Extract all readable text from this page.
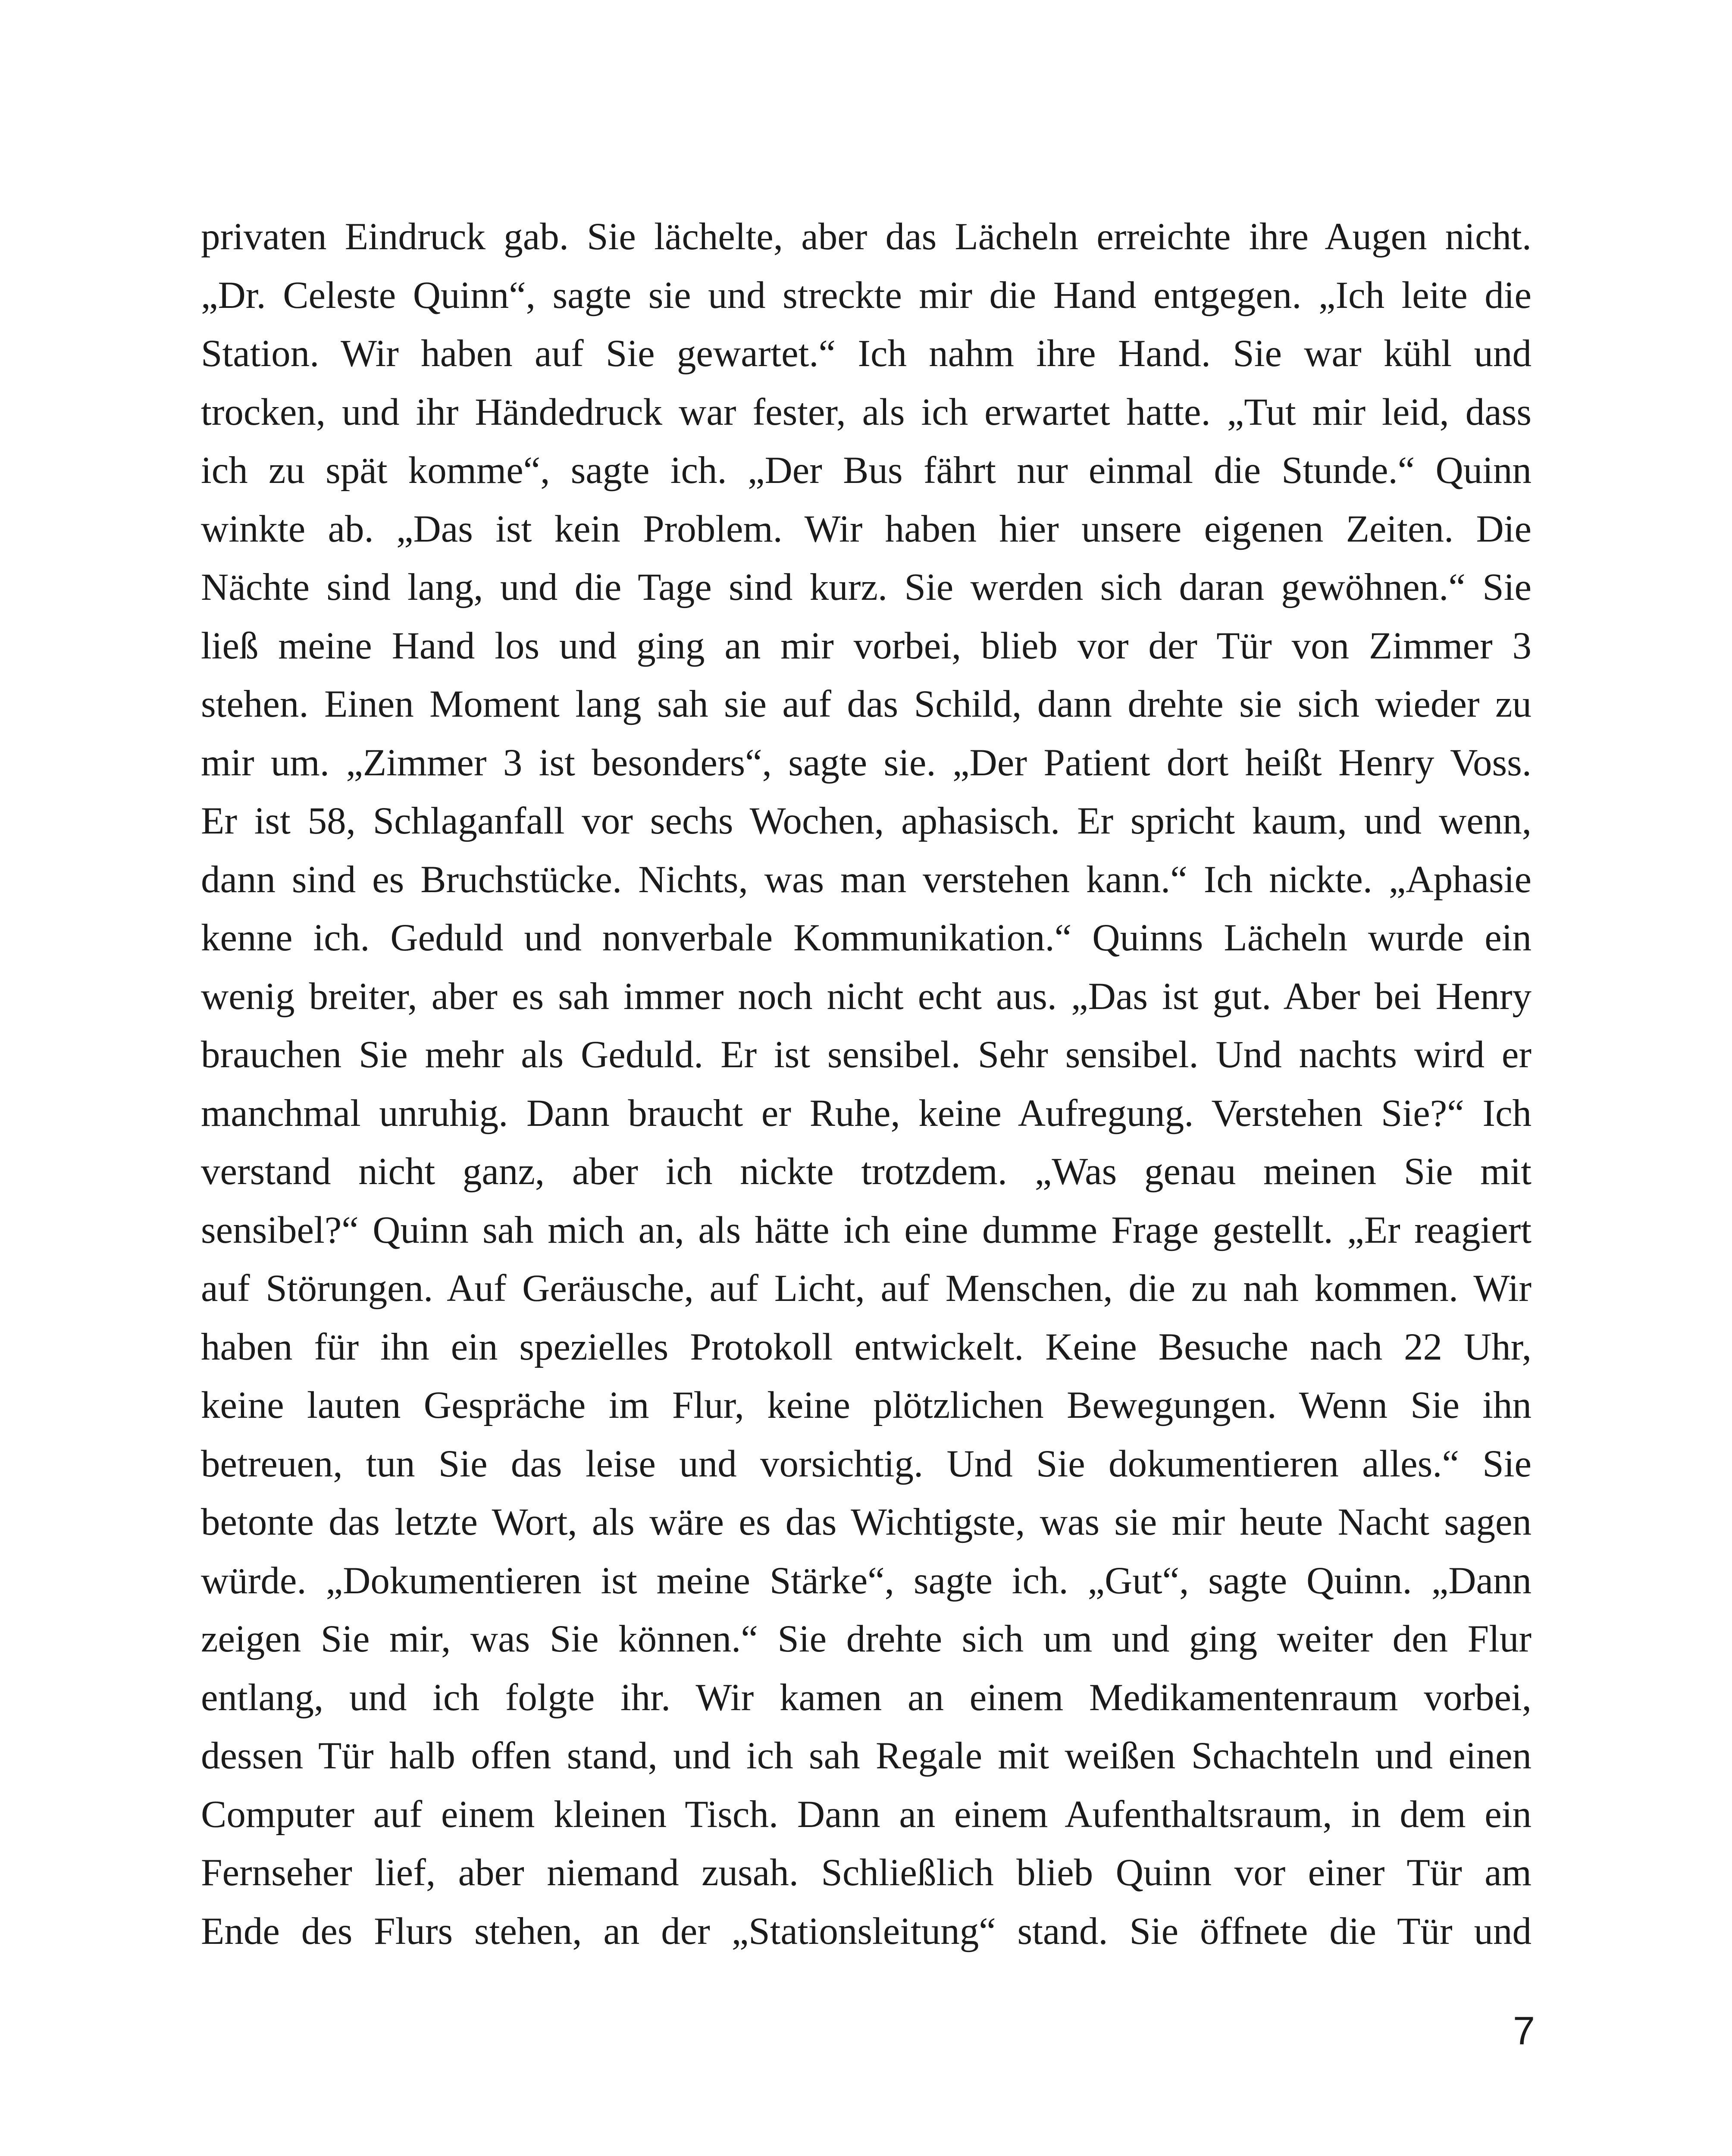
privaten Eindruck gab. Sie lächelte, aber das Lächeln erreichte ihre Augen nicht.
„Dr. Celeste Quinn“, sagte sie und streckte mir die Hand entgegen. „Ich leite die
Station. Wir haben auf Sie gewartet.“ Ich nahm ihre Hand. Sie war kühl und
trocken, und ihr Händedruck war fester, als ich erwartet hatte. „Tut mir leid, dass
ich zu spät komme“, sagte ich. „Der Bus fährt nur einmal die Stunde.“ Quinn
winkte ab. „Das ist kein Problem. Wir haben hier unsere eigenen Zeiten. Die
Nächte sind lang, und die Tage sind kurz. Sie werden sich daran gewöhnen.“ Sie
ließ meine Hand los und ging an mir vorbei, blieb vor der Tür von Zimmer 3
stehen. Einen Moment lang sah sie auf das Schild, dann drehte sie sich wieder zu
mir um. „Zimmer 3 ist besonders“, sagte sie. „Der Patient dort heißt Henry Voss.
Er ist 58, Schlaganfall vor sechs Wochen, aphasisch. Er spricht kaum, und wenn,
dann sind es Bruchstücke. Nichts, was man verstehen kann.“ Ich nickte. „Aphasie
kenne ich. Geduld und nonverbale Kommunikation.“ Quinns Lächeln wurde ein
wenig breiter, aber es sah immer noch nicht echt aus. „Das ist gut. Aber bei Henry
brauchen Sie mehr als Geduld. Er ist sensibel. Sehr sensibel. Und nachts wird er
manchmal unruhig. Dann braucht er Ruhe, keine Aufregung. Verstehen Sie?“ Ich
verstand nicht ganz, aber ich nickte trotzdem. „Was genau meinen Sie mit
sensibel?“ Quinn sah mich an, als hätte ich eine dumme Frage gestellt. „Er reagiert
auf Störungen. Auf Geräusche, auf Licht, auf Menschen, die zu nah kommen. Wir
haben für ihn ein spezielles Protokoll entwickelt. Keine Besuche nach 22 Uhr,
keine lauten Gespräche im Flur, keine plötzlichen Bewegungen. Wenn Sie ihn
betreuen, tun Sie das leise und vorsichtig. Und Sie dokumentieren alles.“ Sie
betonte das letzte Wort, als wäre es das Wichtigste, was sie mir heute Nacht sagen
würde. „Dokumentieren ist meine Stärke“, sagte ich. „Gut“, sagte Quinn. „Dann
zeigen Sie mir, was Sie können.“ Sie drehte sich um und ging weiter den Flur
entlang, und ich folgte ihr. Wir kamen an einem Medikamentenraum vorbei,
dessen Tür halb offen stand, und ich sah Regale mit weißen Schachteln und einen
Computer auf einem kleinen Tisch. Dann an einem Aufenthaltsraum, in dem ein
Fernseher lief, aber niemand zusah. Schließlich blieb Quinn vor einer Tür am
Ende des Flurs stehen, an der „Stationsleitung“ stand. Sie öffnete die Tür und
7
